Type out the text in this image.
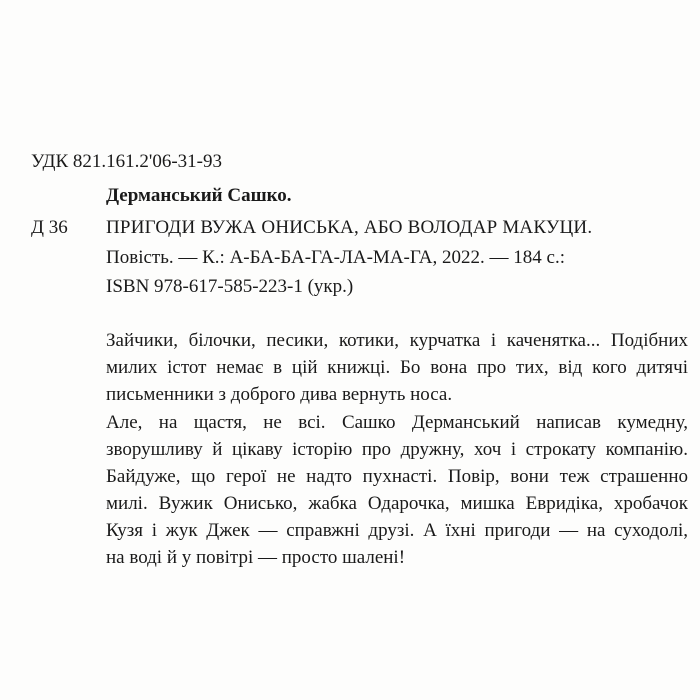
УДК 821.161.2'06-31-93
Дерманський Сашко.
Д 36 ПРИГОДИ ВУЖА ОНИСЬКА, АБО ВОЛОДАР МАКУЦИ.
Повість. — К.: А-БА-БА-ГА-ЛА-МА-ГА, 2022. — 184 с.:
ISBN 978-617-585-223-1 (укр.)
Зайчики, білочки, песики, котики, курчатка і каченятка... Подібних
милих істот немає в цій книжці. Бо вона про тих, від кого дитячі
письменники з доброго дива вернуть носа.
Але, на щастя, не всі. Сашко Дерманський написав кумедну,
зворушливу й цікаву історію про дружну, хоч і строкату компанію.
Байдуже, що герої не надто пухнасті. Повір, вони теж страшенно
милі. Вужик Онисько, жабка Одарочка, мишка Евридіка, хробачок
Кузя і жук Джек — справжні друзі. А їхні пригоди — на суходолі,
на воді й у повітрі — просто шалені!
